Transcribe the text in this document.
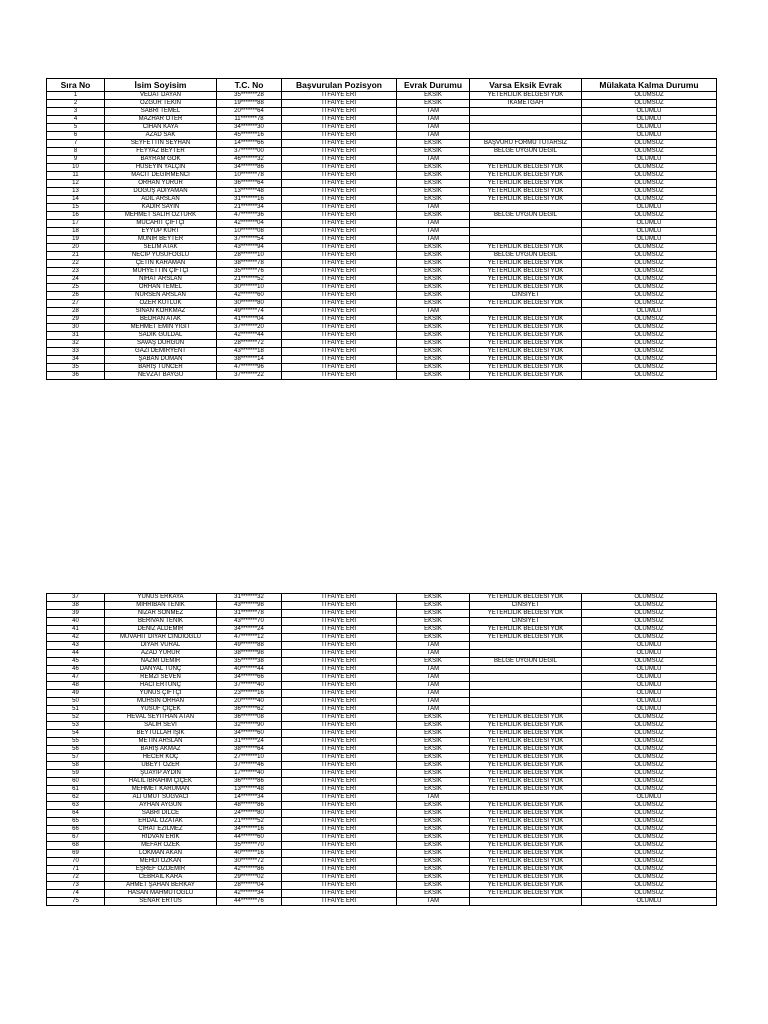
Sıra No	İsim Soyisim	T.C. No	Başvurulan Pozisyon	Evrak Durumu	Varsa Eksik Evrak	Mülakata Kalma Durumu
1	VEDAT DAYAN	35*******28	İTFAİYE ERİ	EKSİK	YETERLİLİK BELGESİ YOK	OLUMSUZ
2	ÖZGÜR TEKİN	19*******88	İTFAİYE ERİ	EKSİK	İKAMETGAH	OLUMSUZ
3	SABRİ TEMEL	20*******64	İTFAİYE ERİ	TAM		OLUMLU
4	MAZHAR ÖTER	11*******78	İTFAİYE ERİ	TAM		OLUMLU
5	CİHAN KAYA	34*******30	İTFAİYE ERİ	TAM		OLUMLU
6	AZAD SAK	45*******16	İTFAİYE ERİ	TAM		OLUMLU
7	SEYFETTİN SEYHAN	14*******66	İTFAİYE ERİ	EKSİK	BAŞVURU FORMU TUTARSIZ	OLUMSUZ
8	FEYYAZ BEYTER	37*******00	İTFAİYE ERİ	EKSİK	BELGE UYGUN DEĞİL	OLUMSUZ
9	BAYRAM GÖK	46*******32	İTFAİYE ERİ	TAM		OLUMLU
10	HÜSEYİN YALÇIN	34*******86	İTFAİYE ERİ	EKSİK	YETERLİLİK BELGESİ YOK	OLUMSUZ
11	MACİT DEĞİRMENCİ	10*******78	İTFAİYE ERİ	EKSİK	YETERLİLİK BELGESİ YOK	OLUMSUZ
12	ORHAN YÜRÜR	36*******64	İTFAİYE ERİ	EKSİK	YETERLİLİK BELGESİ YOK	OLUMSUZ
13	DOĞUŞ ADIYAMAN	13*******48	İTFAİYE ERİ	EKSİK	YETERLİLİK BELGESİ YOK	OLUMSUZ
14	ADİL ARSLAN	31*******16	İTFAİYE ERİ	EKSİK	YETERLİLİK BELGESİ YOK	OLUMSUZ
15	KADİR SAYIN	21*******34	İTFAİYE ERİ	TAM		OLUMLU
16	MEHMET SALİH ÖZTÜRK	47*******36	İTFAİYE ERİ	EKSİK	BELGE UYGUN DEĞİL	OLUMSUZ
17	MÜCAHİT ÇİFTÇİ	42*******04	İTFAİYE ERİ	TAM		OLUMLU
18	EYYÜP KURT	10*******08	İTFAİYE ERİ	TAM		OLUMLU
19	MÜNİR BEYTER	37*******54	İTFAİYE ERİ	TAM		OLUMLU
20	SELİM ATAK	43*******94	İTFAİYE ERİ	EKSİK	YETERLİLİK BELGESİ YOK	OLUMSUZ
21	NECİP YUSUFOĞLU	28*******10	İTFAİYE ERİ	EKSİK	BELGE UYGUN DEĞİL	OLUMSUZ
22	ÇETİN KARAMAN	38*******78	İTFAİYE ERİ	EKSİK	YETERLİLİK BELGESİ YOK	OLUMSUZ
23	MUHYETTİN ÇİFTÇİ	35*******76	İTFAİYE ERİ	EKSİK	YETERLİLİK BELGESİ YOK	OLUMSUZ
24	NİHAT ARSLAN	21*******52	İTFAİYE ERİ	EKSİK	YETERLİLİK BELGESİ YOK	OLUMSUZ
25	ORHAN TEMEL	30*******10	İTFAİYE ERİ	EKSİK	YETERLİLİK BELGESİ YOK	OLUMSUZ
26	NURSEN ARSLAN	42*******60	İTFAİYE ERİ	EKSİK	CİNSİYET	OLUMSUZ
27	ÖZER KUTLUK	30*******80	İTFAİYE ERİ	EKSİK	YETERLİLİK BELGESİ YOK	OLUMSUZ
28	SİNAN KORKMAZ	49*******74	İTFAİYE ERİ	TAM		OLUMLU
29	BEDRAN ATAK	41*******04	İTFAİYE ERİ	EKSİK	YETERLİLİK BELGESİ YOK	OLUMSUZ
30	MEHMET EMİN YİĞİT	37*******20	İTFAİYE ERİ	EKSİK	YETERLİLİK BELGESİ YOK	OLUMSUZ
31	SADIK GÜLDAL	42*******44	İTFAİYE ERİ	EKSİK	YETERLİLİK BELGESİ YOK	OLUMSUZ
32	SAVAŞ DURGUN	28*******72	İTFAİYE ERİ	EKSİK	YETERLİLİK BELGESİ YOK	OLUMSUZ
33	GAZİ DEMİRYENT	43*******18	İTFAİYE ERİ	EKSİK	YETERLİLİK BELGESİ YOK	OLUMSUZ
34	ŞABAN DUMAN	38*******14	İTFAİYE ERİ	EKSİK	YETERLİLİK BELGESİ YOK	OLUMSUZ
35	BARIŞ TUNCER	47*******96	İTFAİYE ERİ	EKSİK	YETERLİLİK BELGESİ YOK	OLUMSUZ
36	NEVZAT BAYGU	37*******22	İTFAİYE ERİ	EKSİK	YETERLİLİK BELGESİ YOK	OLUMSUZ
37	YUNUS ERKAYA	31*******32	İTFAİYE ERİ	EKSİK	YETERLİLİK BELGESİ YOK	OLUMSUZ
38	MİHRİBAN TENİK	43*******98	İTFAİYE ERİ	EKSİK	CİNSİYET	OLUMSUZ
39	NİZAR SÖNMEZ	31*******78	İTFAİYE ERİ	EKSİK	YETERLİLİK BELGESİ YOK	OLUMSUZ
40	BERİVAN TENİK	43*******70	İTFAİYE ERİ	EKSİK	CİNSİYET	OLUMSUZ
41	DENİZ ALDEMİR	34*******24	İTFAİYE ERİ	EKSİK	YETERLİLİK BELGESİ YOK	OLUMSUZ
42	MUVAHİT DİYAR CİNDİOĞLU	47*******12	İTFAİYE ERİ	EKSİK	YETERLİLİK BELGESİ YOK	OLUMSUZ
43	DİYAR VURAL	49*******88	İTFAİYE ERİ	TAM		OLUMLU
44	AZAD YÜRÜR	38*******98	İTFAİYE ERİ	TAM		OLUMLU
45	NAZMİ DEMİR	35*******38	İTFAİYE ERİ	EKSİK	BELGE UYGUN DEĞİL	OLUMSUZ
46	DANYAL TUNÇ	40*******44	İTFAİYE ERİ	TAM		OLUMLU
47	REMZİ SEVEN	34*******66	İTFAİYE ERİ	TAM		OLUMLU
48	HACI ERTUNÇ	37*******40	İTFAİYE ERİ	TAM		OLUMLU
49	YUNUS ÇİFTÇİ	23*******16	İTFAİYE ERİ	TAM		OLUMLU
50	MUHSİN ORHAN	20*******40	İTFAİYE ERİ	TAM		OLUMLU
51	YUSUF ÇİÇEK	36*******62	İTFAİYE ERİ	TAM		OLUMLU
52	HEVAL SEYİTHAN ATAN	36*******08	İTFAİYE ERİ	EKSİK	YETERLİLİK BELGESİ YOK	OLUMSUZ
53	SALİH SEVİ	32*******90	İTFAİYE ERİ	EKSİK	YETERLİLİK BELGESİ YOK	OLUMSUZ
54	BEYTULLAH IŞIK	34*******60	İTFAİYE ERİ	EKSİK	YETERLİLİK BELGESİ YOK	OLUMSUZ
55	METİN ARSLAN	31*******24	İTFAİYE ERİ	EKSİK	YETERLİLİK BELGESİ YOK	OLUMSUZ
56	BARIŞ AKMAZ	38*******64	İTFAİYE ERİ	EKSİK	YETERLİLİK BELGESİ YOK	OLUMSUZ
57	HECER KOÇ	27*******10	İTFAİYE ERİ	EKSİK	YETERLİLİK BELGESİ YOK	OLUMSUZ
58	ÜBEYT ÖZER	37*******46	İTFAİYE ERİ	EKSİK	YETERLİLİK BELGESİ YOK	OLUMSUZ
59	ŞUAYİP AYDIN	17*******40	İTFAİYE ERİ	EKSİK	YETERLİLİK BELGESİ YOK	OLUMSUZ
60	HALİL İBRAHİM ÇİÇEK	36*******86	İTFAİYE ERİ	EKSİK	YETERLİLİK BELGESİ YOK	OLUMSUZ
61	MEHMET KARUMAN	13*******48	İTFAİYE ERİ	EKSİK	YETERLİLİK BELGESİ YOK	OLUMSUZ
62	ALİ UMUT SUĞVACI	14*******34	İTFAİYE ERİ	TAM		OLUMLU
63	AYHAN AYGÜN	48*******86	İTFAİYE ERİ	EKSİK	YETERLİLİK BELGESİ YOK	OLUMSUZ
64	SABRİ DİLCE	24*******80	İTFAİYE ERİ	EKSİK	YETERLİLİK BELGESİ YOK	OLUMSUZ
65	ERDAL ÖZATAK	21*******52	İTFAİYE ERİ	EKSİK	YETERLİLİK BELGESİ YOK	OLUMSUZ
66	CİHAT EZİLMEZ	34*******16	İTFAİYE ERİ	EKSİK	YETERLİLİK BELGESİ YOK	OLUMSUZ
67	RIDVAN ERİK	44*******60	İTFAİYE ERİ	EKSİK	YETERLİLİK BELGESİ YOK	OLUMSUZ
68	MEFAR ÖZEK	35*******70	İTFAİYE ERİ	EKSİK	YETERLİLİK BELGESİ YOK	OLUMSUZ
69	LOKMAN AKAN	40*******16	İTFAİYE ERİ	EKSİK	YETERLİLİK BELGESİ YOK	OLUMSUZ
70	MEHDİ ÖZKAN	30*******72	İTFAİYE ERİ	EKSİK	YETERLİLİK BELGESİ YOK	OLUMSUZ
71	EŞREF ÖZDEMİR	42*******86	İTFAİYE ERİ	EKSİK	YETERLİLİK BELGESİ YOK	OLUMSUZ
72	CEBRAİL KARA	29*******02	İTFAİYE ERİ	EKSİK	YETERLİLİK BELGESİ YOK	OLUMSUZ
73	AHMET ŞAHAN BERKAY	28*******04	İTFAİYE ERİ	EKSİK	YETERLİLİK BELGESİ YOK	OLUMSUZ
74	HASAN MAHMUTOĞLU	42*******34	İTFAİYE ERİ	EKSİK	YETERLİLİK BELGESİ YOK	OLUMSUZ
75	SENAR ERTUS	44*******76	İTFAİYE ERİ	TAM		OLUMLU
